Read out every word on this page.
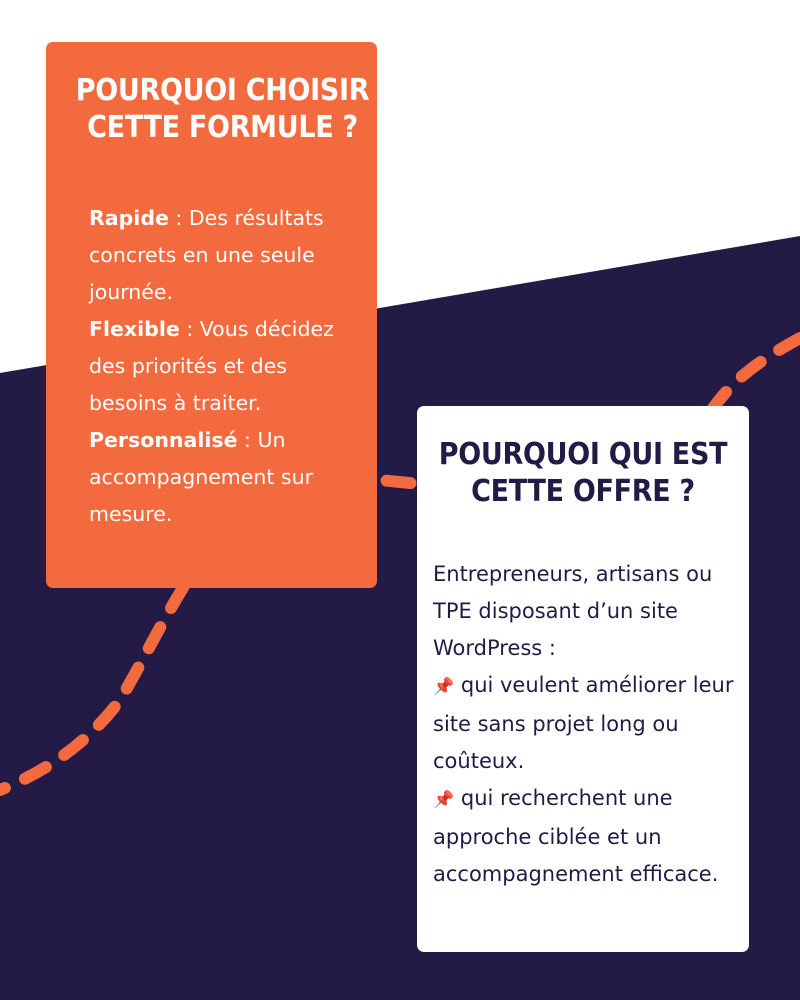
POURQUOI CHOISIR CETTE FORMULE ?

Rapide : Des résultats concrets en une seule journée.

Flexible : Vous décidez des priorités et des besoins à traiter.

Personnalisé : Un accompagnement sur mesure.

POURQUOI QUI EST CETTE OFFRE ?

Entrepreneurs, artisans ou TPE disposant d’un site WordPress :

📌 qui veulent améliorer leur site sans projet long ou coûteux.

📌 qui recherchent une approche ciblée et un accompagnement efficace.
